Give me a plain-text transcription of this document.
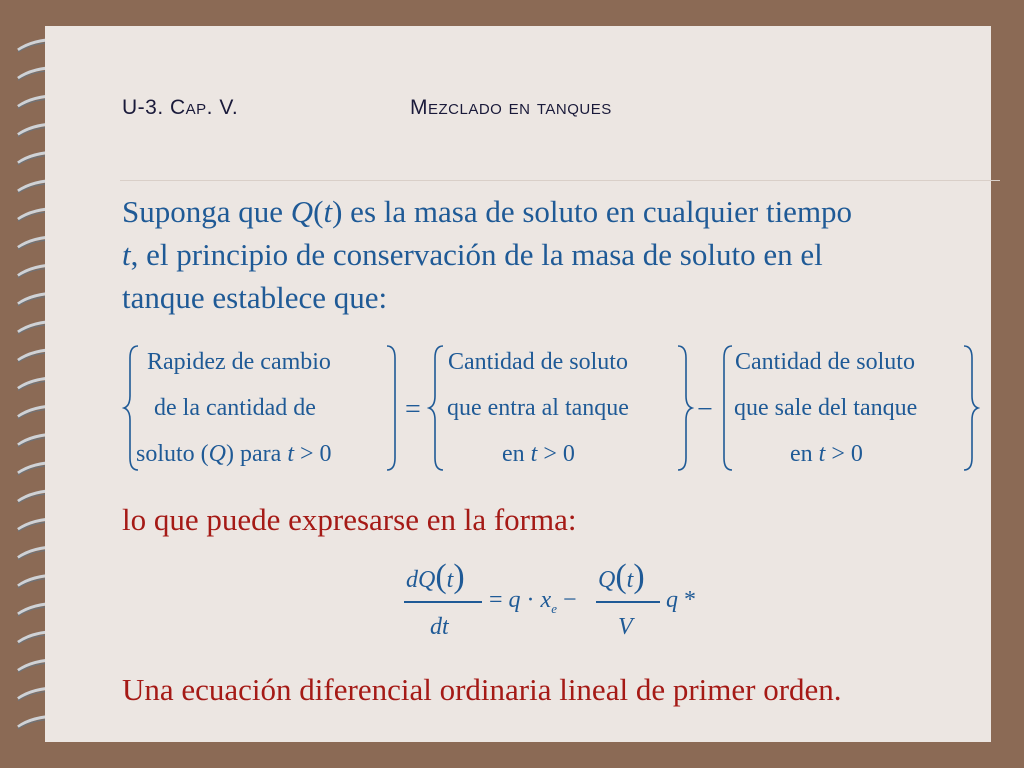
U-3. Cap. V.	Mezclado en tanques
Suponga que Q(t) es la masa de soluto en cualquier tiempo
t, el principio de conservación de la masa de soluto en el
tanque establece que:
Rapidez de cambio
de la cantidad de
soluto (Q) para t > 0
=
Cantidad de soluto
que entra al tanque
en t > 0
−
Cantidad de soluto
que sale del tanque
en t > 0
lo que puede expresarse en la forma:
dQ(t)
dt
= $q \cdot x_e$ −
Q(t)
V
q *
Una ecuación diferencial ordinaria lineal de primer orden.
